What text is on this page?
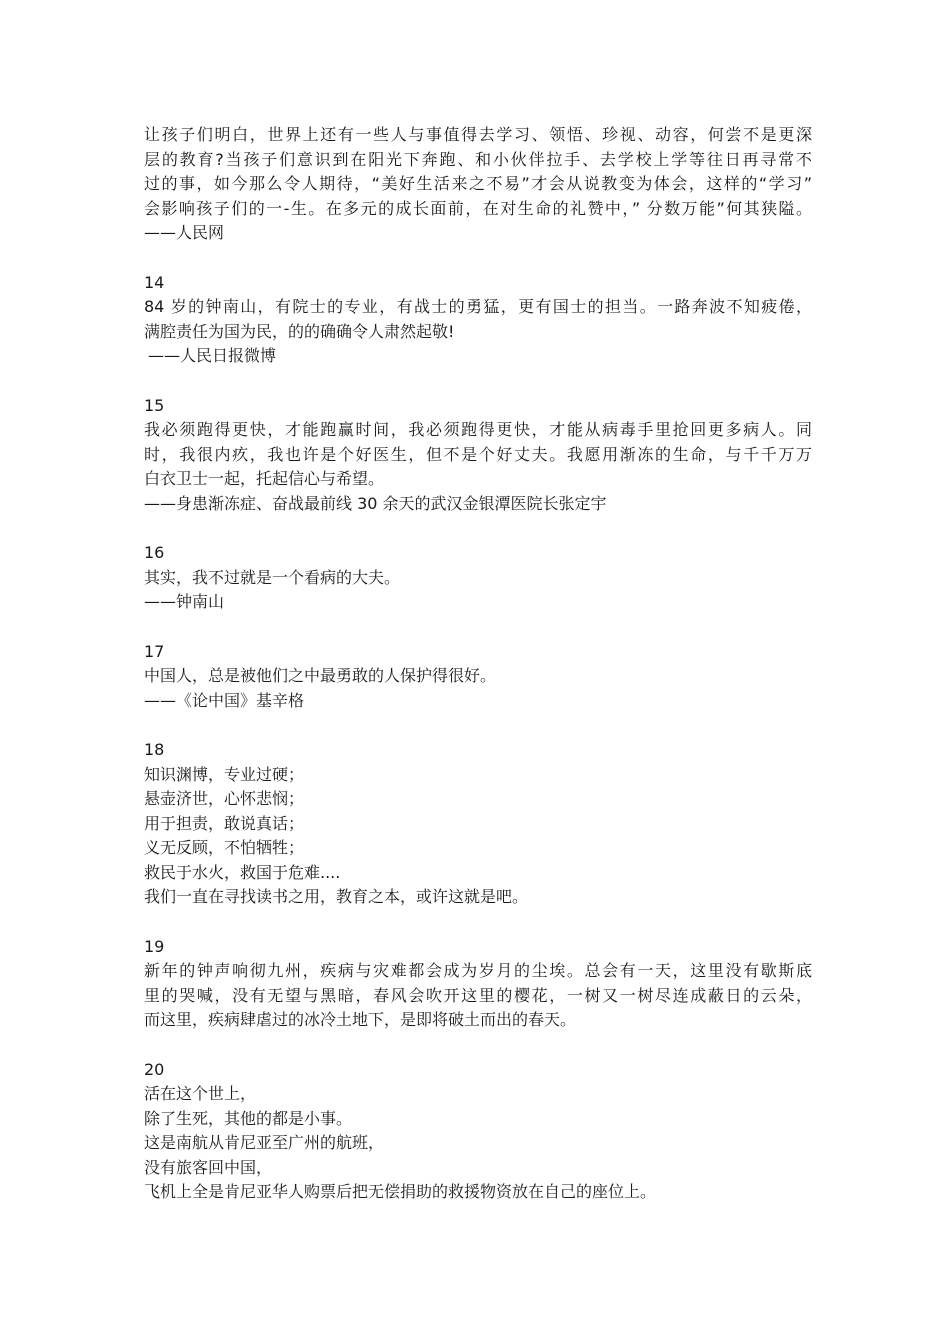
让孩子们明白，世界上还有一些人与事值得去学习、领悟、珍视、动容，何尝不是更深
层的教育?当孩子们意识到在阳光下奔跑、和小伙伴拉手、去学校上学等往日再寻常不
过的事，如今那么令人期待，“美好生活来之不易”才会从说教变为体会，这样的“学习”
会影响孩子们的一-生。在多元的成长面前，在对生命的礼赞中，” 分数万能”何其狭隘。
——人民网
14
84 岁的钟南山，有院士的专业，有战士的勇猛，更有国士的担当。一路奔波不知疲倦，
满腔责任为国为民，的的确确令人肃然起敬!
——人民日报微博
15
我必须跑得更快，才能跑赢时间，我必须跑得更快，才能从病毒手里抢回更多病人。同
时，我很内疚，我也许是个好医生，但不是个好丈夫。我愿用渐冻的生命，与千千万万
白衣卫士一起，托起信心与希望。
——身患渐冻症、奋战最前线 30 余天的武汉金银潭医院长张定宇
16
其实，我不过就是一个看病的大夫。
——钟南山
17
中国人，总是被他们之中最勇敢的人保护得很好。
——《论中国》基辛格
18
知识渊博，专业过硬；
悬壶济世，心怀悲悯；
用于担责，敢说真话；
义无反顾，不怕牺牲；
救民于水火，救国于危难....
我们一直在寻找读书之用，教育之本，或许这就是吧。
19
新年的钟声响彻九州，疾病与灾难都会成为岁月的尘埃。总会有一天，这里没有歇斯底
里的哭喊，没有无望与黑暗，春风会吹开这里的樱花，一树又一树尽连成蔽日的云朵，
而这里，疾病肆虐过的冰冷土地下，是即将破土而出的春天。
20
活在这个世上，
除了生死，其他的都是小事。
这是南航从肯尼亚至广州的航班，
没有旅客回中国，
飞机上全是肯尼亚华人购票后把无偿捐助的救援物资放在自己的座位上。
